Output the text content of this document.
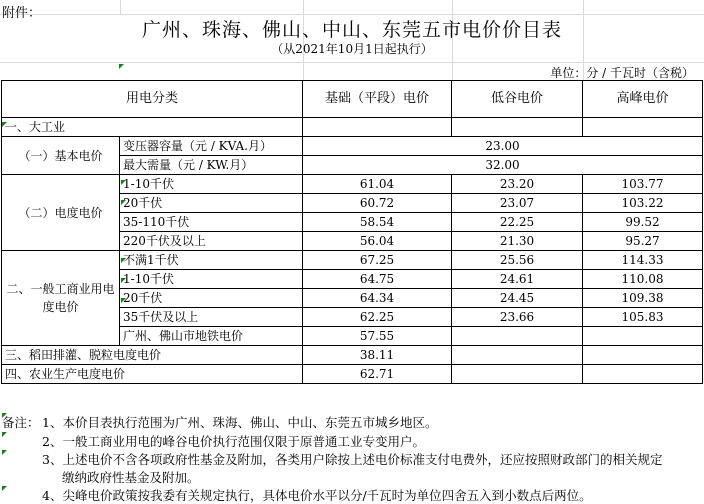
附件：
广州、珠海、佛山、中山、东莞五市电价价目表
（从2021年10月1日起执行）
单位：分 / 千瓦时（含税）
用电分类		基础（平段）电价	低谷电价	高峰电价
一、大工业				
（一）基本电价	变压器容量（元 / KVA.月）	23.00		
	最大需量（元 / KW.月）	32.00		
（二）电度电价	1-10千伏	61.04	23.20	103.77
	20千伏	60.72	23.07	103.22
	35-110千伏	58.54	22.25	99.52
	220千伏及以上	56.04	21.30	95.27
二、一般工商业用电度电价	不满1千伏	67.25	25.56	114.33
	1-10千伏	64.75	24.61	110.08
	20千伏	64.34	24.45	109.38
	35千伏及以上	62.25	23.66	105.83
	广州、佛山市地铁电价	57.55		
三、稻田排灌、脱粒电度电价		38.11		
四、农业生产电度电价		62.71		
备注： 1、本价目表执行范围为广州、珠海、佛山、中山、东莞五市城乡地区。
2、一般工商业用电的峰谷电价执行范围仅限于原普通工业专变用户。
3、上述电价不含各项政府性基金及附加，各类用户除按上述电价标准支付电费外，还应按照财政部门的相关规定
缴纳政府性基金及附加。
4、尖峰电价政策按我委有关规定执行，具体电价水平以分/千瓦时为单位四舍五入到小数点后两位。
